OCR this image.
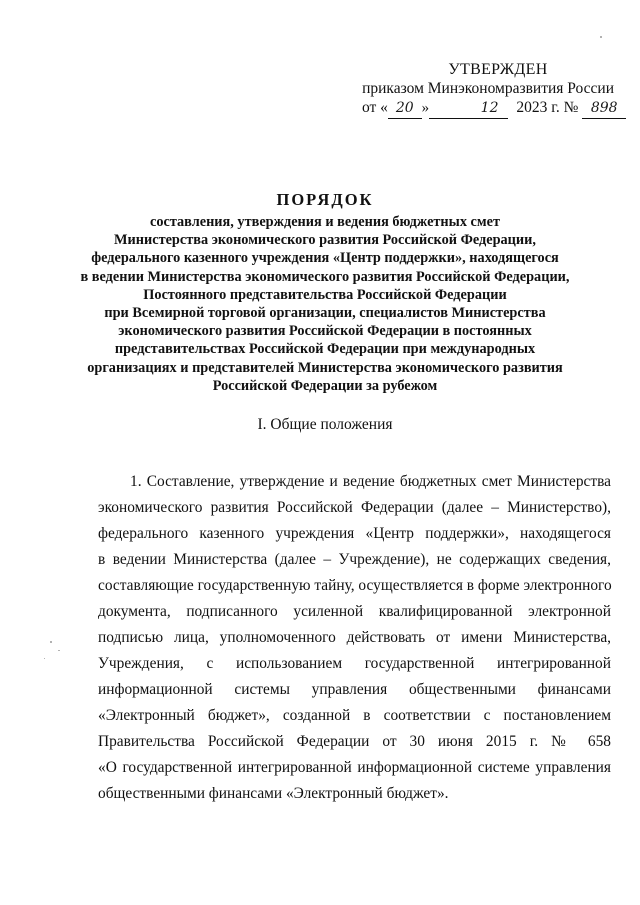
УТВЕРЖДЕН
приказом Минэкономразвития России
от « 20 »	12	2023 г. № 898
ПОРЯДОК
составления, утверждения и ведения бюджетных смет
Министерства экономического развития Российской Федерации,
федерального казенного учреждения «Центр поддержки», находящегося
в ведении Министерства экономического развития Российской Федерации,
Постоянного представительства Российской Федерации
при Всемирной торговой организации, специалистов Министерства
экономического развития Российской Федерации в постоянных
представительствах Российской Федерации при международных
организациях и представителей Министерства экономического развития
Российской Федерации за рубежом
I. Общие положения
1. Составление, утверждение и ведение бюджетных смет Министерства
экономического развития Российской Федерации (далее – Министерство),
федерального казенного учреждения «Центр поддержки», находящегося
в ведении Министерства (далее – Учреждение), не содержащих сведения,
составляющие государственную тайну, осуществляется в форме электронного
документа, подписанного усиленной квалифицированной электронной
подписью лица, уполномоченного действовать от имени Министерства,
Учреждения, с использованием государственной интегрированной
информационной системы управления общественными финансами
«Электронный бюджет», созданной в соответствии с постановлением
Правительства Российской Федерации от 30 июня 2015 г. № 658
«О государственной интегрированной информационной системе управления
общественными финансами «Электронный бюджет».
